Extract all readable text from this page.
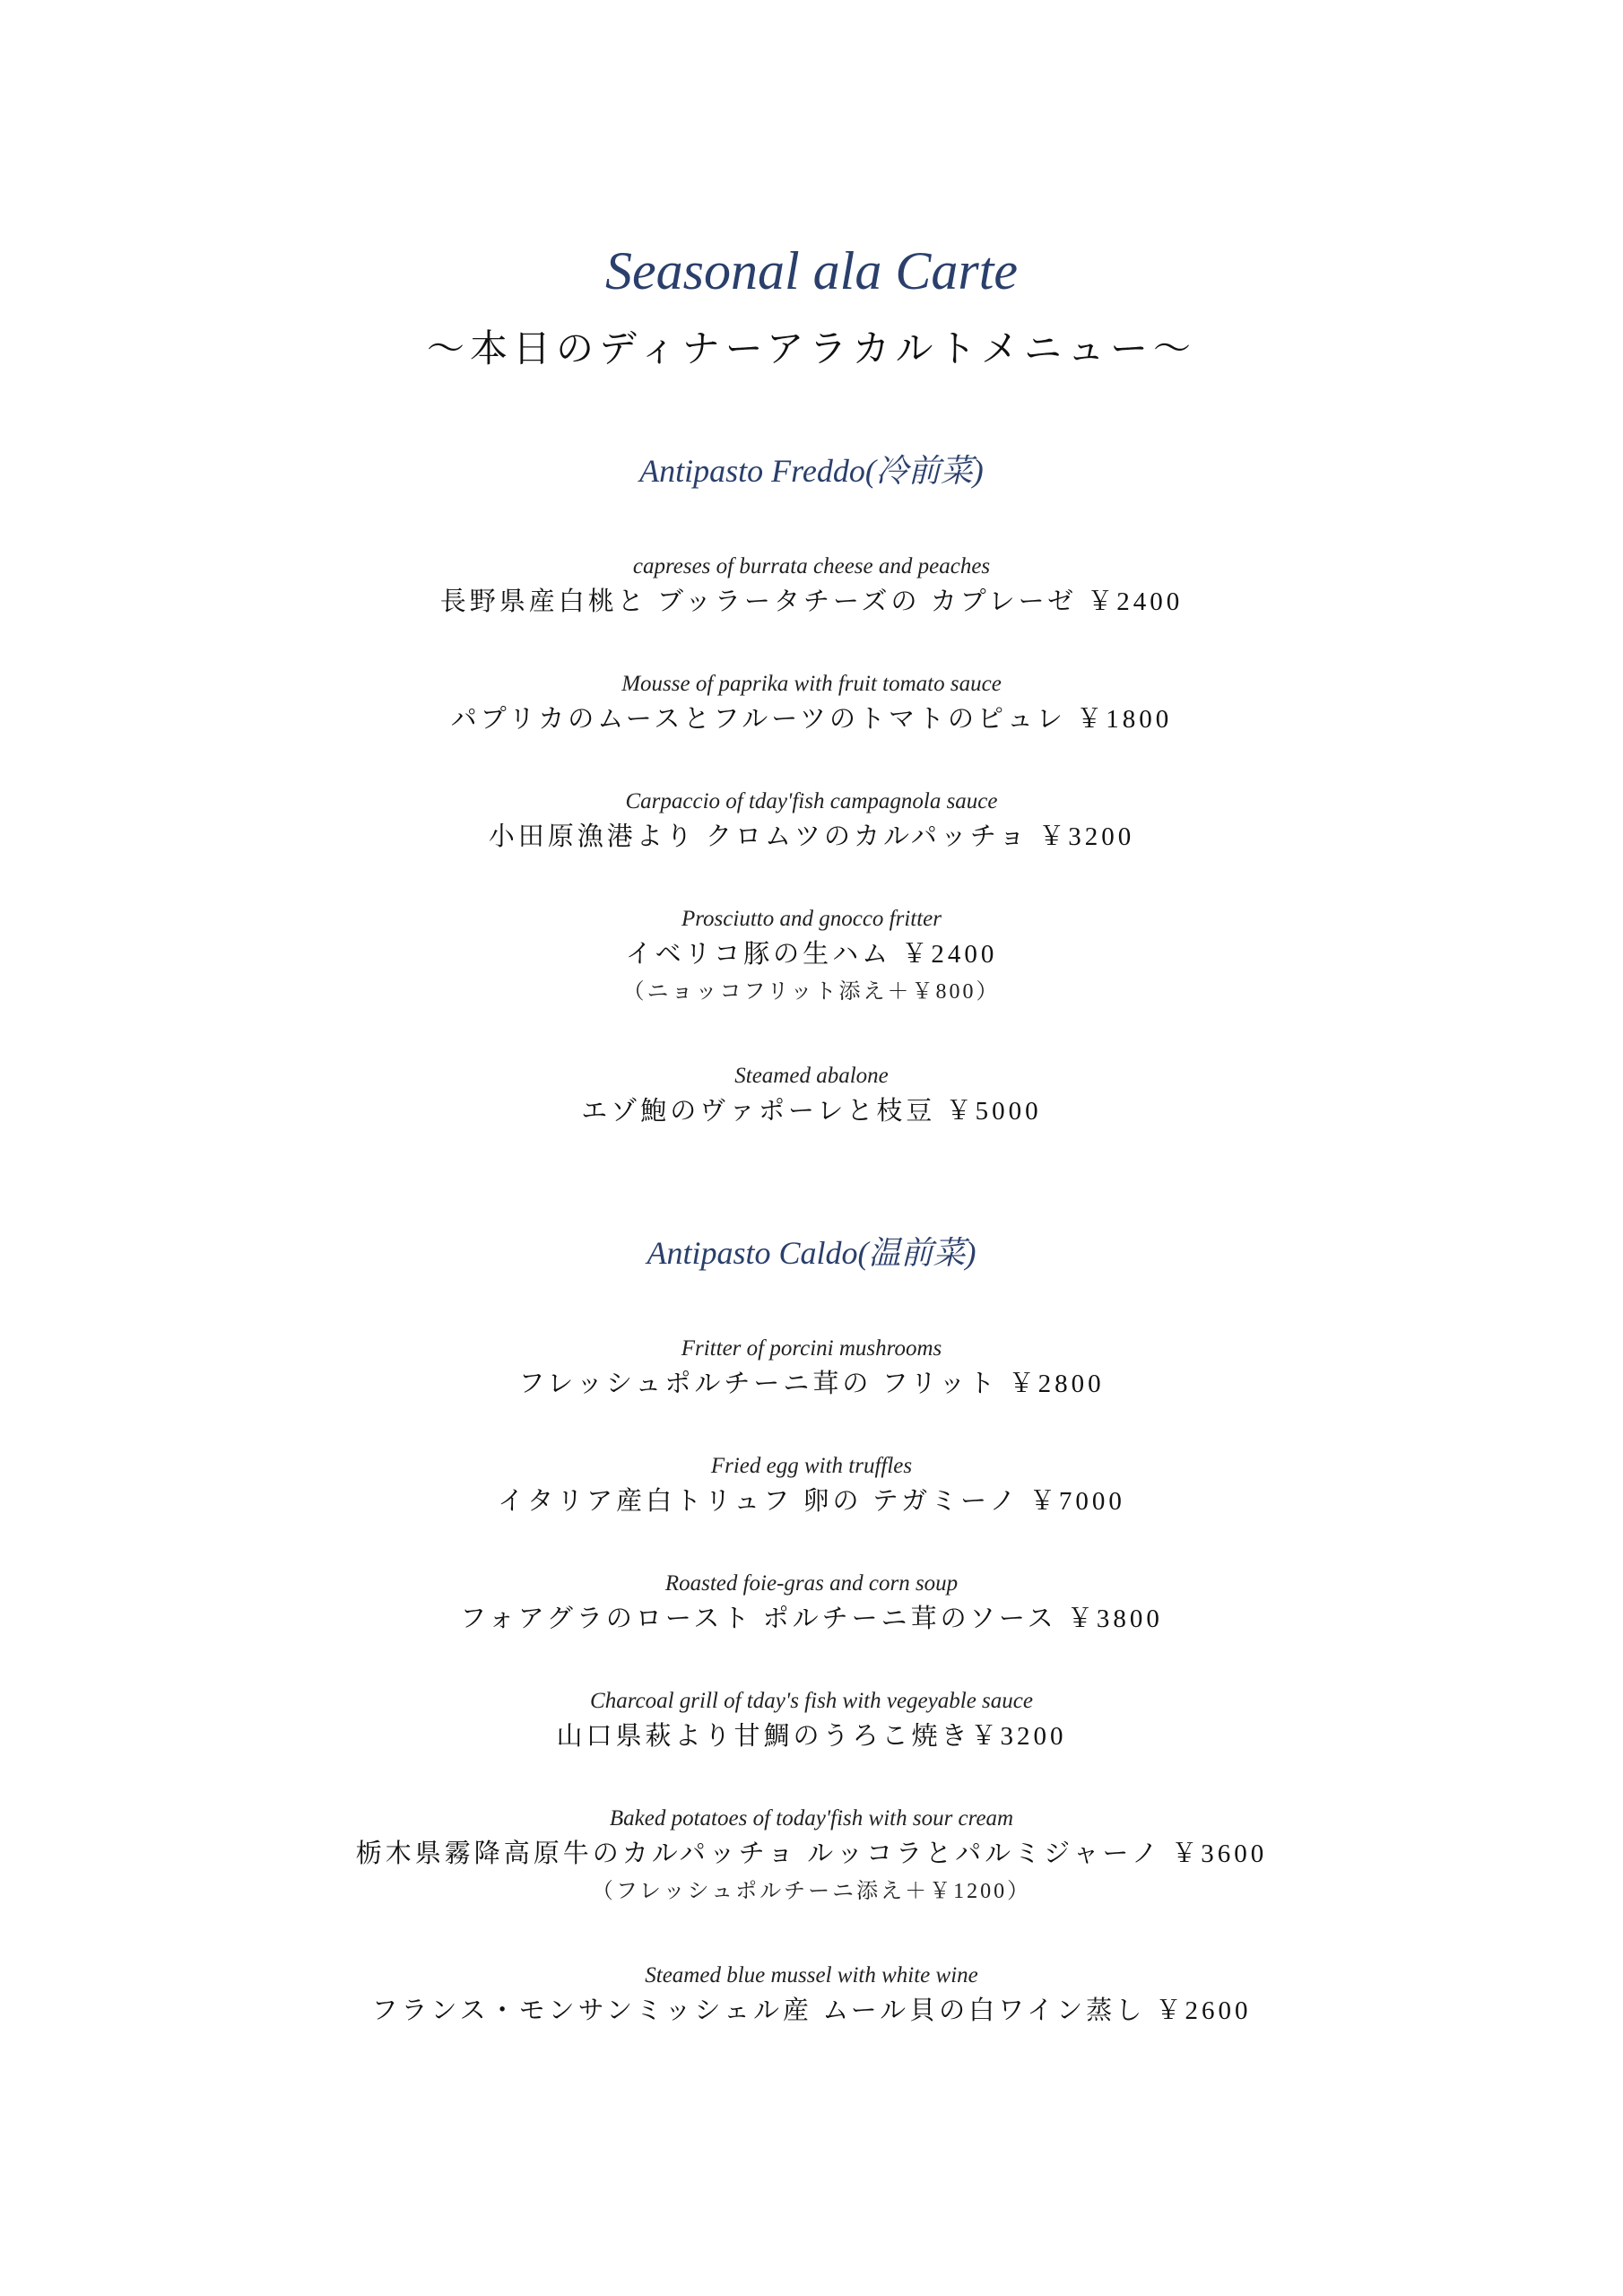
Seasonal ala Carte
～本日のディナーアラカルトメニュー～
Antipasto Freddo(冷前菜)

capreses of burrata cheese and peaches

長野県産白桃と ブッラータチーズの カプレーゼ ￥2400

Mousse of paprika with fruit tomato sauce

パプリカのムースとフルーツのトマトのピュレ ￥1800

Carpaccio of tday'fish campagnola sauce

小田原漁港より クロムツのカルパッチョ ￥3200

Prosciutto and gnocco fritter

イベリコ豚の生ハム ￥2400

（ニョッコフリット添え＋￥800）

Steamed abalone

エゾ鮑のヴァポーレと枝豆 ￥5000

Antipasto Caldo(温前菜)

Fritter of porcini mushrooms

フレッシュポルチーニ茸の フリット ￥2800

Fried egg with truffles

イタリア産白トリュフ 卵の テガミーノ ￥7000

Roasted foie-gras and corn soup

フォアグラのロースト ポルチーニ茸のソース ￥3800

Charcoal grill of tday's fish with vegeyable sauce

山口県萩より甘鯛のうろこ焼き￥3200

Baked potatoes of today'fish with sour cream

栃木県霧降高原牛のカルパッチョ ルッコラとパルミジャーノ ￥3600

（フレッシュポルチーニ添え＋￥1200）

Steamed blue mussel with white wine

フランス・モンサンミッシェル産 ムール貝の白ワイン蒸し ￥2600
